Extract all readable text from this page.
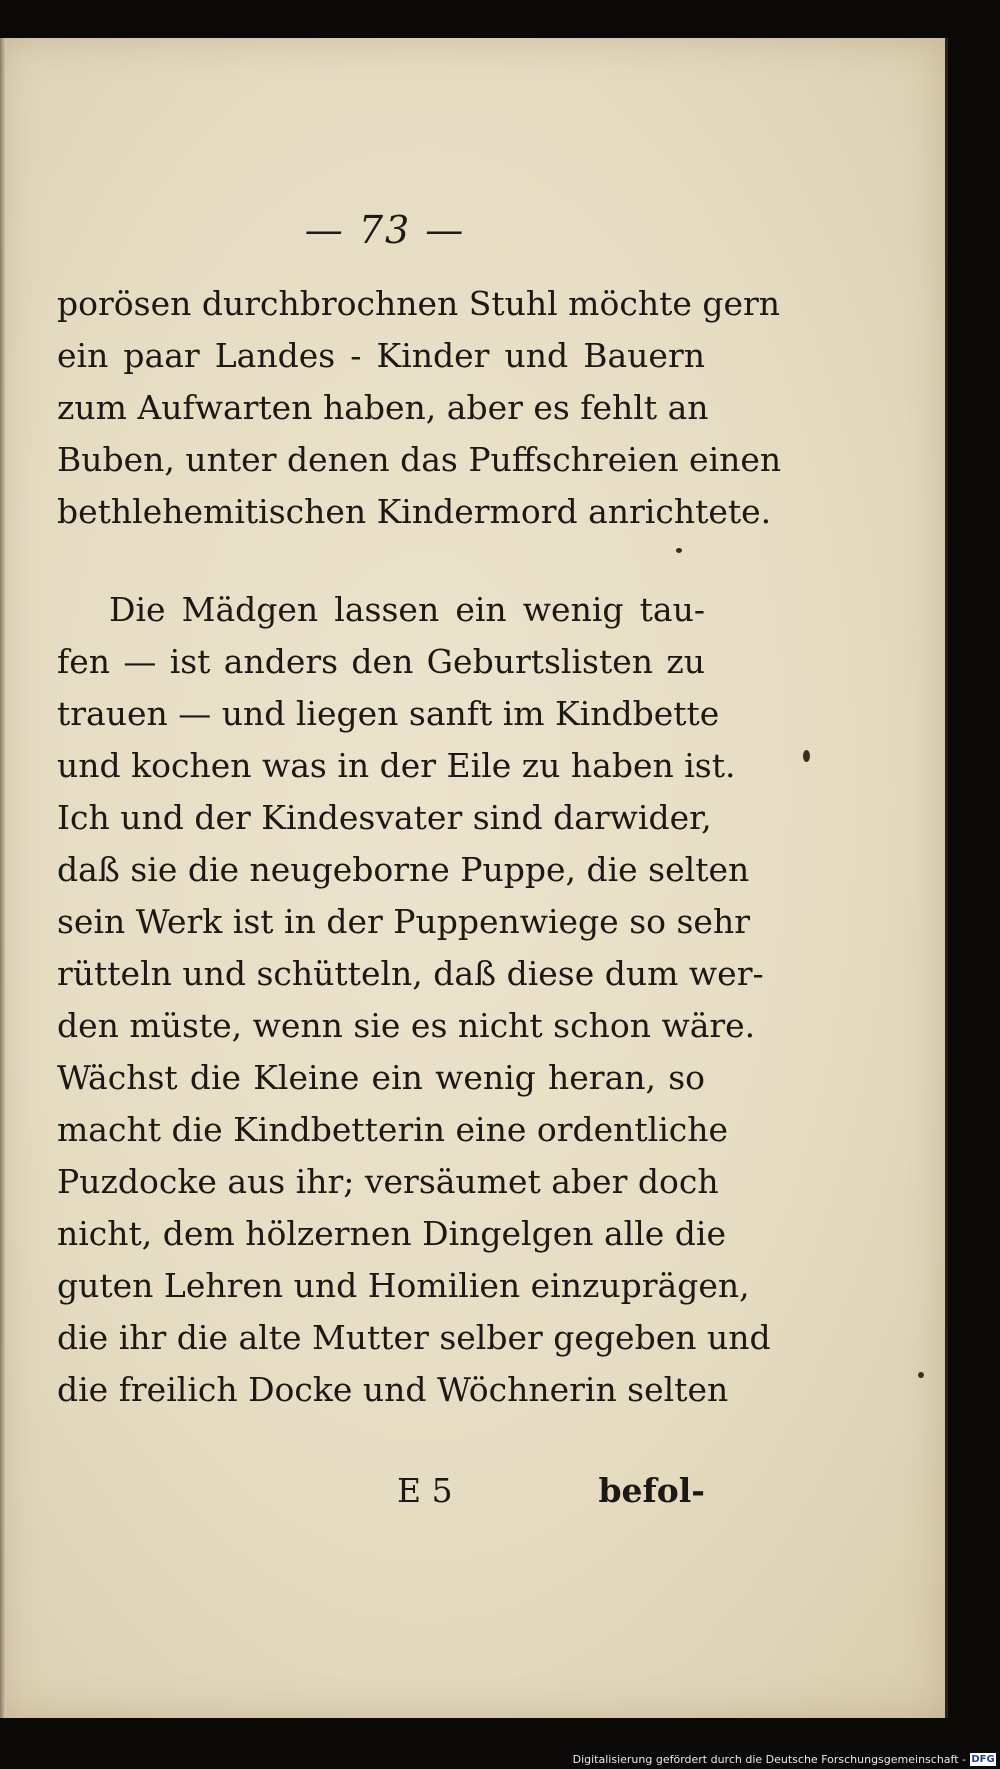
— 73 —
porösen durchbrochnen Stuhl möchte gern
ein paar Landes - Kinder und Bauern
zum Aufwarten haben, aber es fehlt an
Buben, unter denen das Puffschreien einen
bethlehemitischen Kindermord anrichtete.
Die Mädgen lassen ein wenig tau-
fen — ist anders den Geburtslisten zu
trauen — und liegen sanft im Kindbette
und kochen was in der Eile zu haben ist.
Ich und der Kindesvater sind darwider,
daß sie die neugeborne Puppe, die selten
sein Werk ist in der Puppenwiege so sehr
rütteln und schütteln, daß diese dum wer-
den müste, wenn sie es nicht schon wäre.
Wächst die Kleine ein wenig heran, so
macht die Kindbetterin eine ordentliche
Puzdocke aus ihr; versäumet aber doch
nicht, dem hölzernen Dingelgen alle die
guten Lehren und Homilien einzuprägen,
die ihr die alte Mutter selber gegeben und
die freilich Docke und Wöchnerin selten
E 5	befol-
Digitalisierung gefördert durch die Deutsche Forschungsgemeinschaft - DFG
